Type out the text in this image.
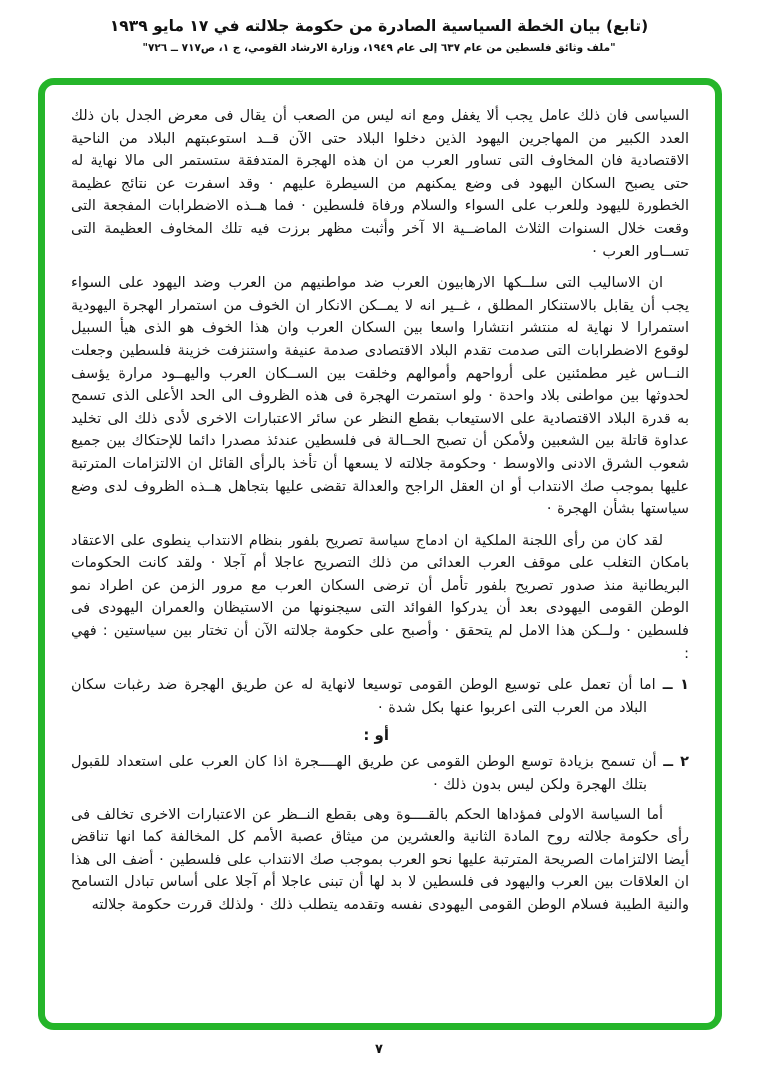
(تابع) بيان الخطة السياسية الصادرة من حكومة جلالته في ١٧ مايو ١٩٣٩
"ملف وثائق فلسطين من عام ٦٣٧ إلى عام ١٩٤٩، وزارة الارشاد القومي، ج ١، ص٧١٧ ــ ٧٢٦"

السياسى فان ذلك عامل يجب ألا يغفل ومع انه ليس من الصعب أن يقال فى معرض الجدل بان ذلك العدد الكبير من المهاجرين اليهود الذين دخلوا البلاد حتى الآن قــد استوعبتهم البلاد من الناحية الاقتصادية فان المخاوف التى تساور العرب من ان هذه الهجرة المتدفقة ستستمر الى مالا نهاية له حتى يصبح السكان اليهود فى وضع يمكنهم من السيطرة عليهم · وقد اسفرت عن نتائج عظيمة الخطورة لليهود وللعرب على السواء والسلام ورفاة فلسطين · فما هــذه الاضطرابات المفجعة التى وقعت خلال السنوات الثلاث الماضــية الا آخر وأثبت مظهر برزت فيه تلك المخاوف العظيمة التى تســاور العرب ·

ان الاساليب التى سلــكها الارهابيون العرب ضد مواطنيهم من العرب وضد اليهود على السواء يجب أن يقابل بالاستنكار المطلق ، غــير انه لا يمــكن الانكار ان الخوف من استمرار الهجرة اليهودية استمرارا لا نهاية له منتشر انتشارا واسعا بين السكان العرب وان هذا الخوف هو الذى هيأ السبيل لوقوع الاضطرابات التى صدمت تقدم البلاد الاقتصادى صدمة عنيفة واستنزفت خزينة فلسطين وجعلت النــاس غير مطمئنين على أرواحهم وأموالهم وخلقت بين الســكان العرب واليهــود مرارة يؤسف لحدوثها بين مواطنى بلاد واحدة · ولو استمرت الهجرة فى هذه الظروف الى الحد الأعلى الذى تسمح به قدرة البلاد الاقتصادية على الاستيعاب بقطع النظر عن سائر الاعتبارات الاخرى لأدى ذلك الى تخليد عداوة قاتلة بين الشعبين ولأمكن أن تصبح الحــالة فى فلسطين عندئذ مصدرا دائما للإحتكاك بين جميع شعوب الشرق الادنى والاوسط · وحكومة جلالته لا يسعها أن تأخذ بالرأى القائل ان الالتزامات المترتبة عليها بموجب صك الانتداب أو ان العقل الراجح والعدالة تقضى عليها بتجاهل هــذه الظروف لدى وضع سياستها بشأن الهجرة ·

لقد كان من رأى اللجنة الملكية ان ادماج سياسة تصريح بلفور بنظام الانتداب ينطوى على الاعتقاد بامكان التغلب على موقف العرب العدائى من ذلك التصريح عاجلا أم آجلا · ولقد كانت الحكومات البريطانية منذ صدور تصريح بلفور تأمل أن ترضى السكان العرب مع مرور الزمن عن اطراد نمو الوطن القومى اليهودى بعد أن يدركوا الفوائد التى سيجنونها من الاستيظان والعمران اليهودى فى فلسطين · ولــكن هذا الامل لم يتحقق · وأصبح على حكومة جلالته الآن أن تختار بين سياستين : فهي :

١ ــ اما أن تعمل على توسيع الوطن القومى توسيعا لانهاية له عن طريق الهجرة ضد رغبات سكان البلاد من العرب التى اعربوا عنها بكل شدة ·

أو :

٢ ــ أن تسمح بزيادة توسع الوطن القومى عن طريق الهــــجرة اذا كان العرب على استعداد للقبول بتلك الهجرة ولكن ليس بدون ذلك ·

أما السياسة الاولى فمؤداها الحكم بالقــــوة وهى بقطع النــظر عن الاعتبارات الاخرى تخالف فى رأى حكومة جلالته روح المادة الثانية والعشرين من ميثاق عصبة الأمم كل المخالفة كما انها تناقض أيضا الالتزامات الصريحة المترتبة عليها نحو العرب بموجب صك الانتداب على فلسطين · أضف الى هذا ان العلاقات بين العرب واليهود فى فلسطين لا بد لها أن تبنى عاجلا أم آجلا على أساس تبادل التسامح والنية الطيبة فسلام الوطن القومى اليهودى نفسه وتقدمه يتطلب ذلك · ولذلك قررت حكومة جلالته

٧
